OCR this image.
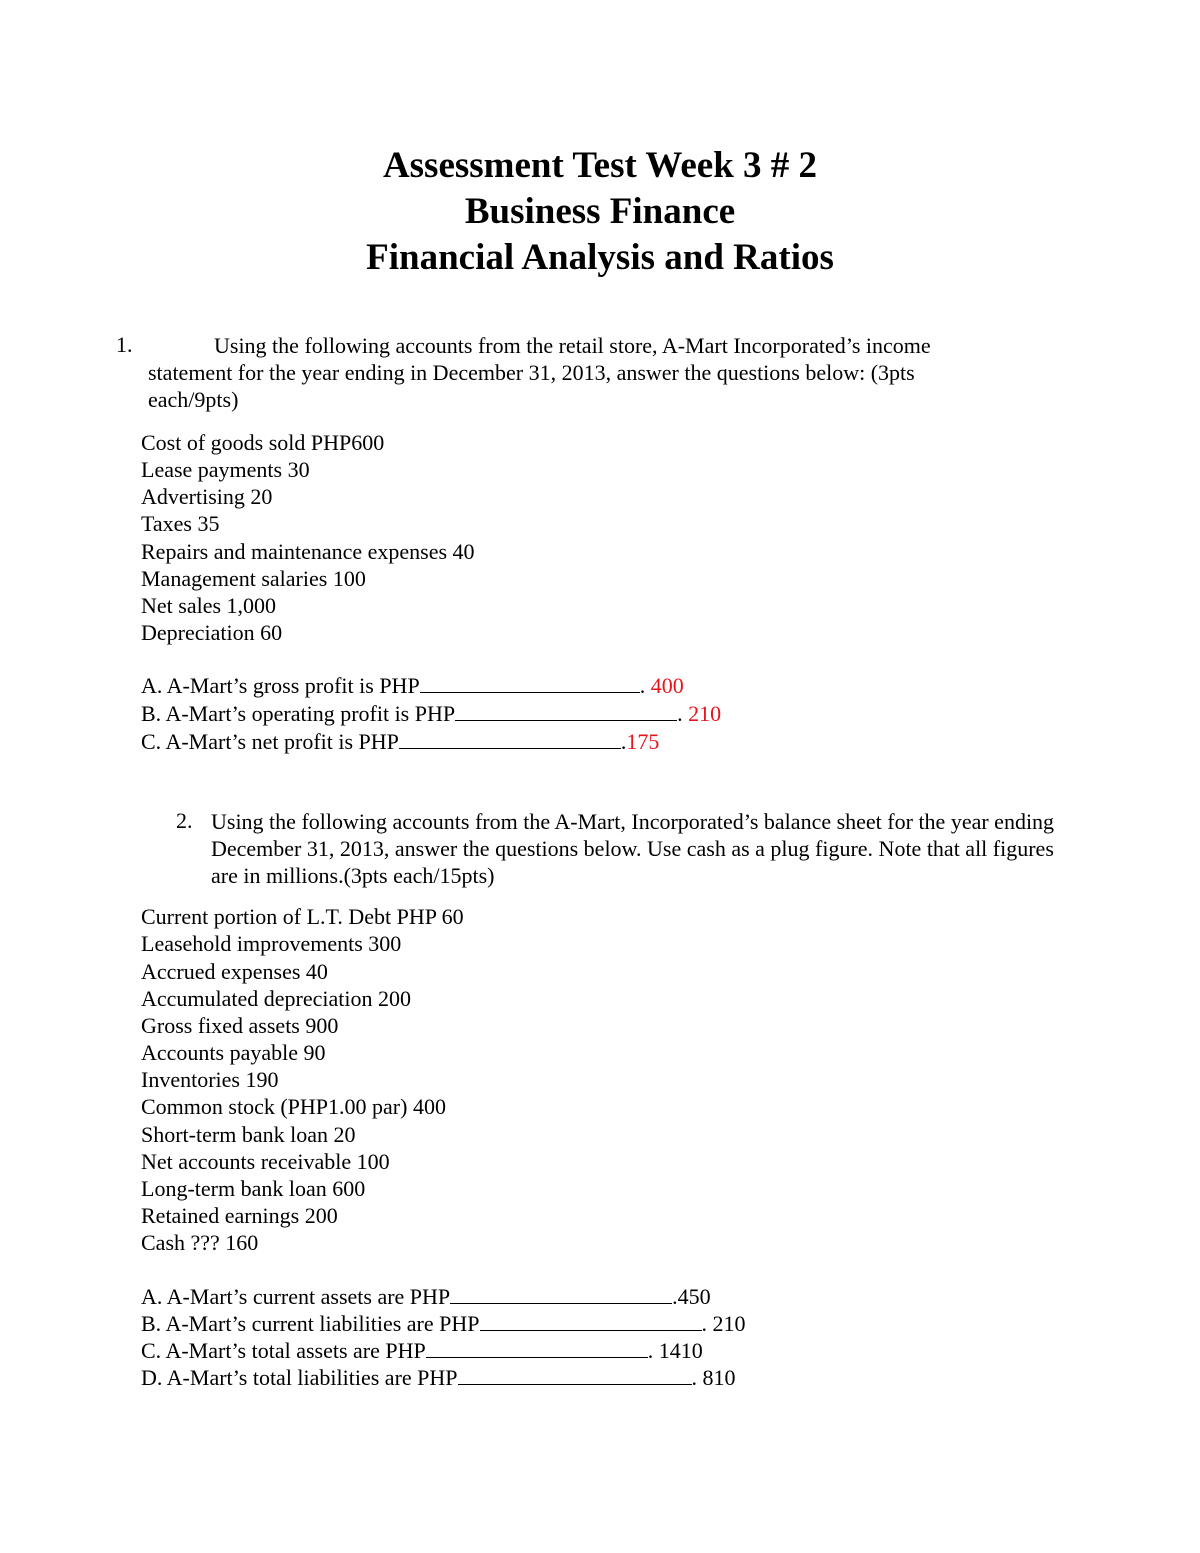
Assessment Test Week 3 # 2
Business Finance
Financial Analysis and Ratios
1.	Using the following accounts from the retail store, A-Mart Incorporated’s income statement for the year ending in December 31, 2013, answer the questions below: (3pts each/9pts)
Cost of goods sold PHP600
Lease payments 30
Advertising 20
Taxes 35
Repairs and maintenance expenses 40
Management salaries 100
Net sales 1,000
Depreciation 60
A. A-Mart’s gross profit is PHP	. 400
B. A-Mart’s operating profit is PHP	. 210
C. A-Mart’s net profit is PHP	.175
2. Using the following accounts from the A-Mart, Incorporated’s balance sheet for the year ending December 31, 2013, answer the questions below. Use cash as a plug figure. Note that all figures are in millions.(3pts each/15pts)
Current portion of L.T. Debt PHP 60
Leasehold improvements 300
Accrued expenses 40
Accumulated depreciation 200
Gross fixed assets 900
Accounts payable 90
Inventories 190
Common stock (PHP1.00 par) 400
Short-term bank loan 20
Net accounts receivable 100
Long-term bank loan 600
Retained earnings 200
Cash ??? 160
A. A-Mart’s current assets are PHP	.450
B. A-Mart’s current liabilities are PHP	. 210
C. A-Mart’s total assets are PHP	. 1410
D. A-Mart’s total liabilities are PHP	. 810
